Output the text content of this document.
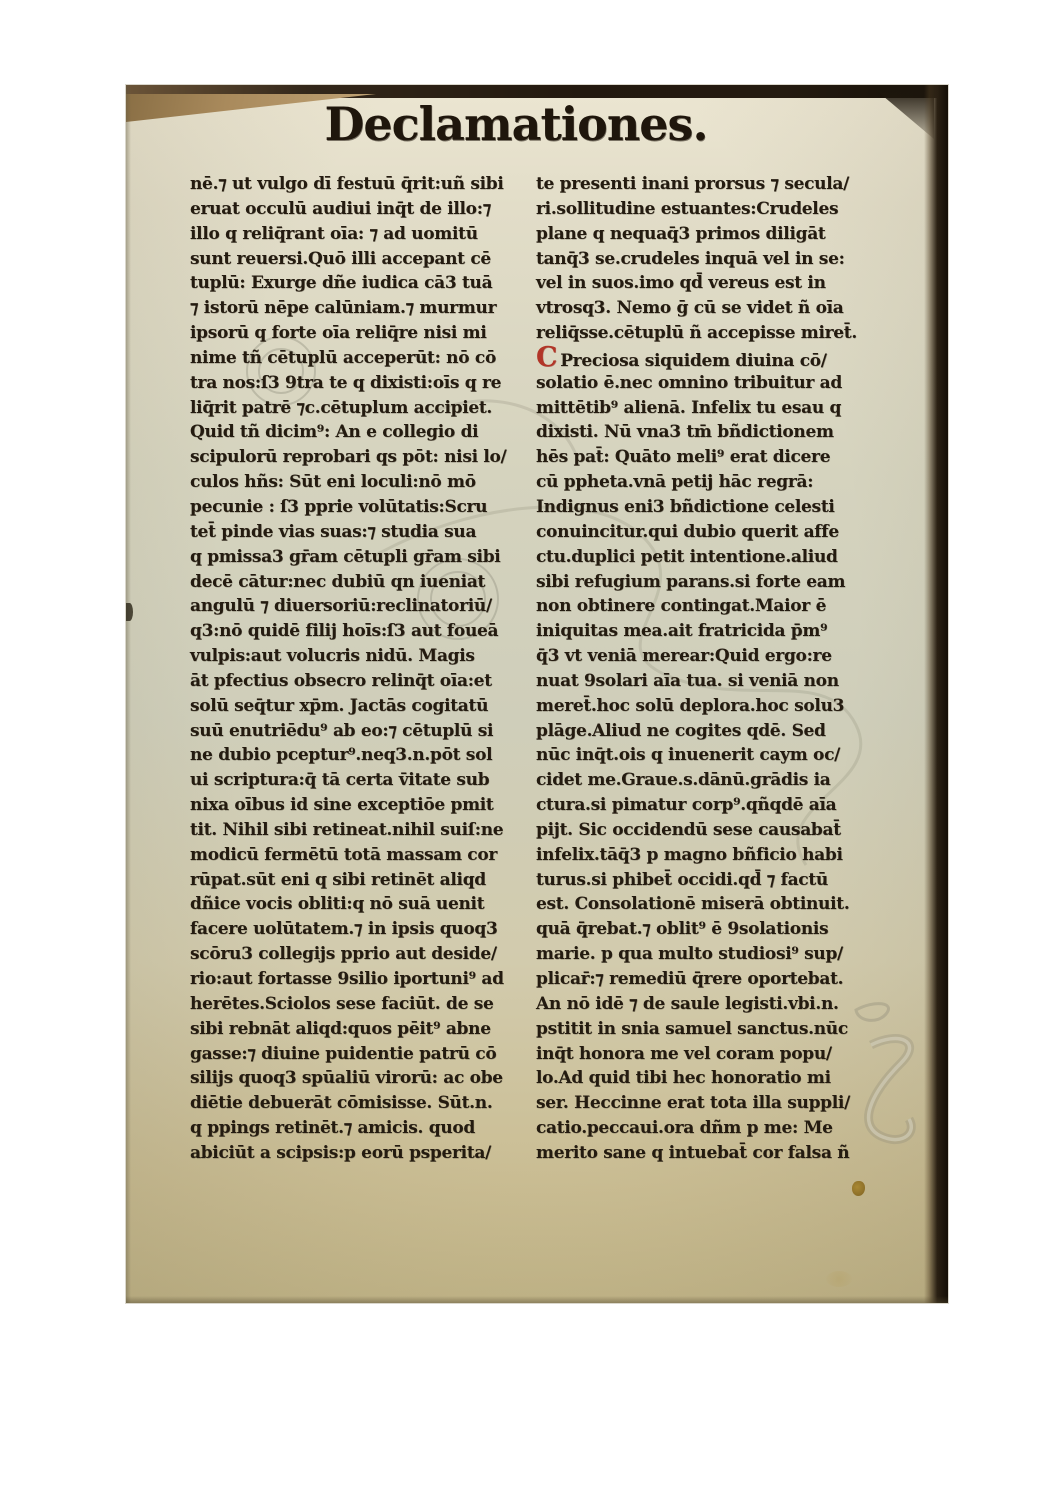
Declamationes.
nē.⁊ ut vulgo dī festuū q̄rit:uñ sibi
eruat occulū audiui inq̄t de illo:⁊
illo q reliq̄rant oīa: ⁊ ad uomitū
sunt reuersi.Quō illi accepant cē
tuplū: Exurge dñe iudica cā3 tuā
⁊ istorū nēpe calūniam.⁊ murmur
ipsorū q forte oīa reliq̄re nisi mi
nime tñ cētuplū acceperūt: nō cō
tra nos:ſ3 9tra te q dixisti:oīs q re
liq̄rit patrē ⁊c.cētuplum accipiet.
Quid tñ dicim⁹: An e collegio di
scipulorū reprobari qs pōt: nisi lo/
culos hñs: Sūt eni loculi:nō mō
pecunie : ſ3 pprie volūtatis:Scru
tet̄ pinde vias suas:⁊ studia sua
q pmissa3 gr̄am cētupli gr̄am sibi
decē cātur:nec dubiū qn iueniat
angulū ⁊ diuersoriū:reclinatoriū/
q3:nō quidē filij hoīs:ſ3 aut foueā
vulpis:aut volucris nidū. Magis
āt pfectius obsecro relinq̄t oīa:et
solū seq̄tur xp̄m. Jactās cogitatū
suū enutriēdu⁹ ab eo:⁊ cētuplū si
ne dubio pceptur⁹.neq3.n.pōt sol
ui scriptura:q̄ tā certa v̄itate sub
nixa oībus id sine exceptiōe pmit
tit. Nihil sibi retineat.nihil suiſ:ne
modicū fermētū totā massam cor
rūpat.sūt eni q sibi retinēt aliqd
dñice vocis obliti:q nō suā uenit
facere uolūtatem.⁊ in ipsis quoq3
scōru3 collegijs pprio aut deside/
rio:aut fortasse 9silio iportuni⁹ ad
herētes.Sciolos sese faciūt. de se
sibi rebnāt aliqd:quos pēit⁹ abne
gasse:⁊ diuine puidentie patrū cō
silijs quoq3 spūaliū virorū: ac obe
diētie debuerāt cōmisisse. Sūt.n.
q ppings retinēt.⁊ amicis. quod
abiciūt a scipsis:p eorū psperita/
te presenti inani prorsus ⁊ secula/
ri.sollitudine estuantes:Crudeles
plane q nequaq̄3 primos diligāt
tanq̄3 se.crudeles inquā vel in se:
vel in suos.imo qd̄ vereus est in
vtrosq3. Nemo ḡ cū se videt ñ oīa
reliq̄sse.cētuplū ñ accepisse miret̄.
C Preciosa siquidem diuina cō/
solatio ē.nec omnino tribuitur ad
mittētib⁹ alienā. Infelix tu esau q
dixisti. Nū vna3 tm̄ bñdictionem
hēs pat̄: Quāto meli⁹ erat dicere
cū ppheta.vnā petij hāc regrā:
Indignus eni3 bñdictione celesti
conuincitur.qui dubio querit affe
ctu.duplici petit intentione.aliud
sibi refugium parans.si forte eam
non obtinere contingat.Maior ē
iniquitas mea.ait fratricida p̄m⁹
q̄3 vt veniā merear:Quid ergo:re
nuat 9solari aīa tua. si veniā non
meret̄.hoc solū deplora.hoc solu3
plāge.Aliud ne cogites qdē. Sed
nūc inq̄t.ois q inuenerit caym oc/
cidet me.Graue.s.dānū.grādis ia
ctura.si pimatur corp⁹.qñqdē aīa
pijt. Sic occidendū sese causabat̄
infelix.tāq̄3 p magno bñficio habi
turus.si phibet̄ occidi.qd̄ ⁊ factū
est. Consolationē miserā obtinuit.
quā q̄rebat.⁊ oblit⁹ ē 9solationis
marie. p qua multo studiosi⁹ sup/
plicar̄:⁊ remediū q̄rere oportebat.
An nō idē ⁊ de saule legisti.vbi.n.
pstitit in snia samuel sanctus.nūc
inq̄t honora me vel coram popu/
lo.Ad quid tibi hec honoratio mi
ser. Heccinne erat tota illa suppli/
catio.peccaui.ora dñm p me: Me
merito sane q intuebat̄ cor falsa ñ
